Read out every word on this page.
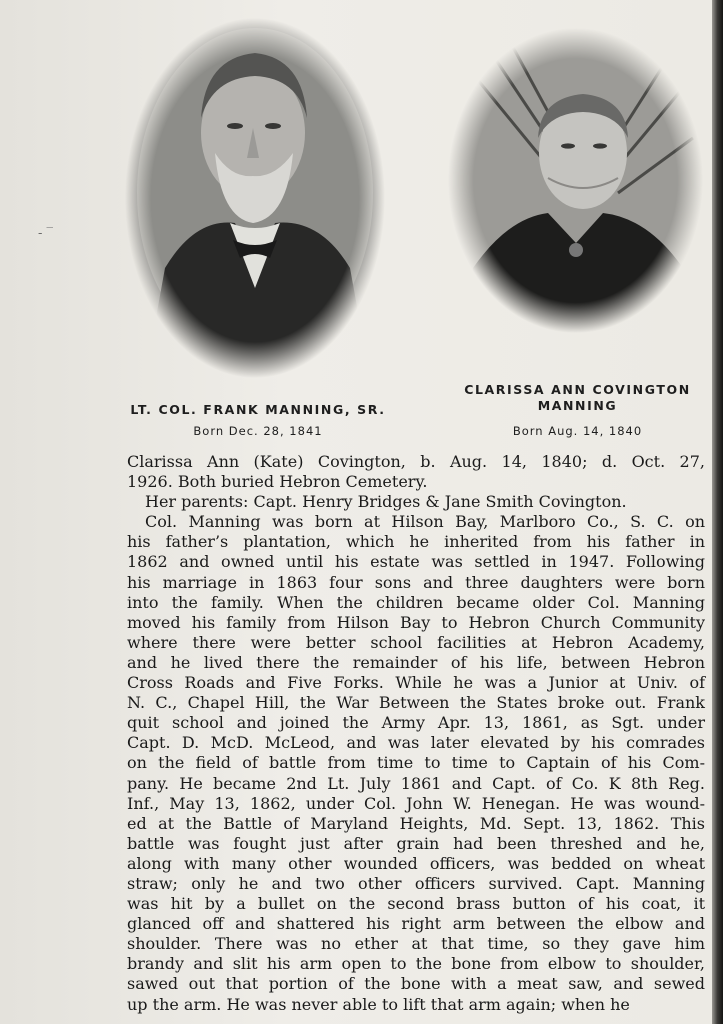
- ‾
LT. COL. FRANK MANNING, SR.
Born Dec. 28, 1841
CLARISSA ANN COVINGTON
MANNING
Born Aug. 14, 1840
Clarissa Ann (Kate) Covington, b. Aug. 14, 1840; d. Oct. 27,
1926. Both buried Hebron Cemetery.
Her parents: Capt. Henry Bridges & Jane Smith Covington.
Col. Manning was born at Hilson Bay, Marlboro Co., S. C. on
his father’s plantation, which he inherited from his father in
1862 and owned until his estate was settled in 1947. Following
his marriage in 1863 four sons and three daughters were born
into the family. When the children became older Col. Manning
moved his family from Hilson Bay to Hebron Church Community
where there were better school facilities at Hebron Academy,
and he lived there the remainder of his life, between Hebron
Cross Roads and Five Forks. While he was a Junior at Univ. of
N. C., Chapel Hill, the War Between the States broke out. Frank
quit school and joined the Army Apr. 13, 1861, as Sgt. under
Capt. D. McD. McLeod, and was later elevated by his comrades
on the field of battle from time to time to Captain of his Com-
pany. He became 2nd Lt. July 1861 and Capt. of Co. K 8th Reg.
Inf., May 13, 1862, under Col. John W. Henegan. He was wound-
ed at the Battle of Maryland Heights, Md. Sept. 13, 1862. This
battle was fought just after grain had been threshed and he,
along with many other wounded officers, was bedded on wheat
straw; only he and two other officers survived. Capt. Manning
was hit by a bullet on the second brass button of his coat, it
glanced off and shattered his right arm between the elbow and
shoulder. There was no ether at that time, so they gave him
brandy and slit his arm open to the bone from elbow to shoulder,
sawed out that portion of the bone with a meat saw, and sewed
up the arm. He was never able to lift that arm again; when he
